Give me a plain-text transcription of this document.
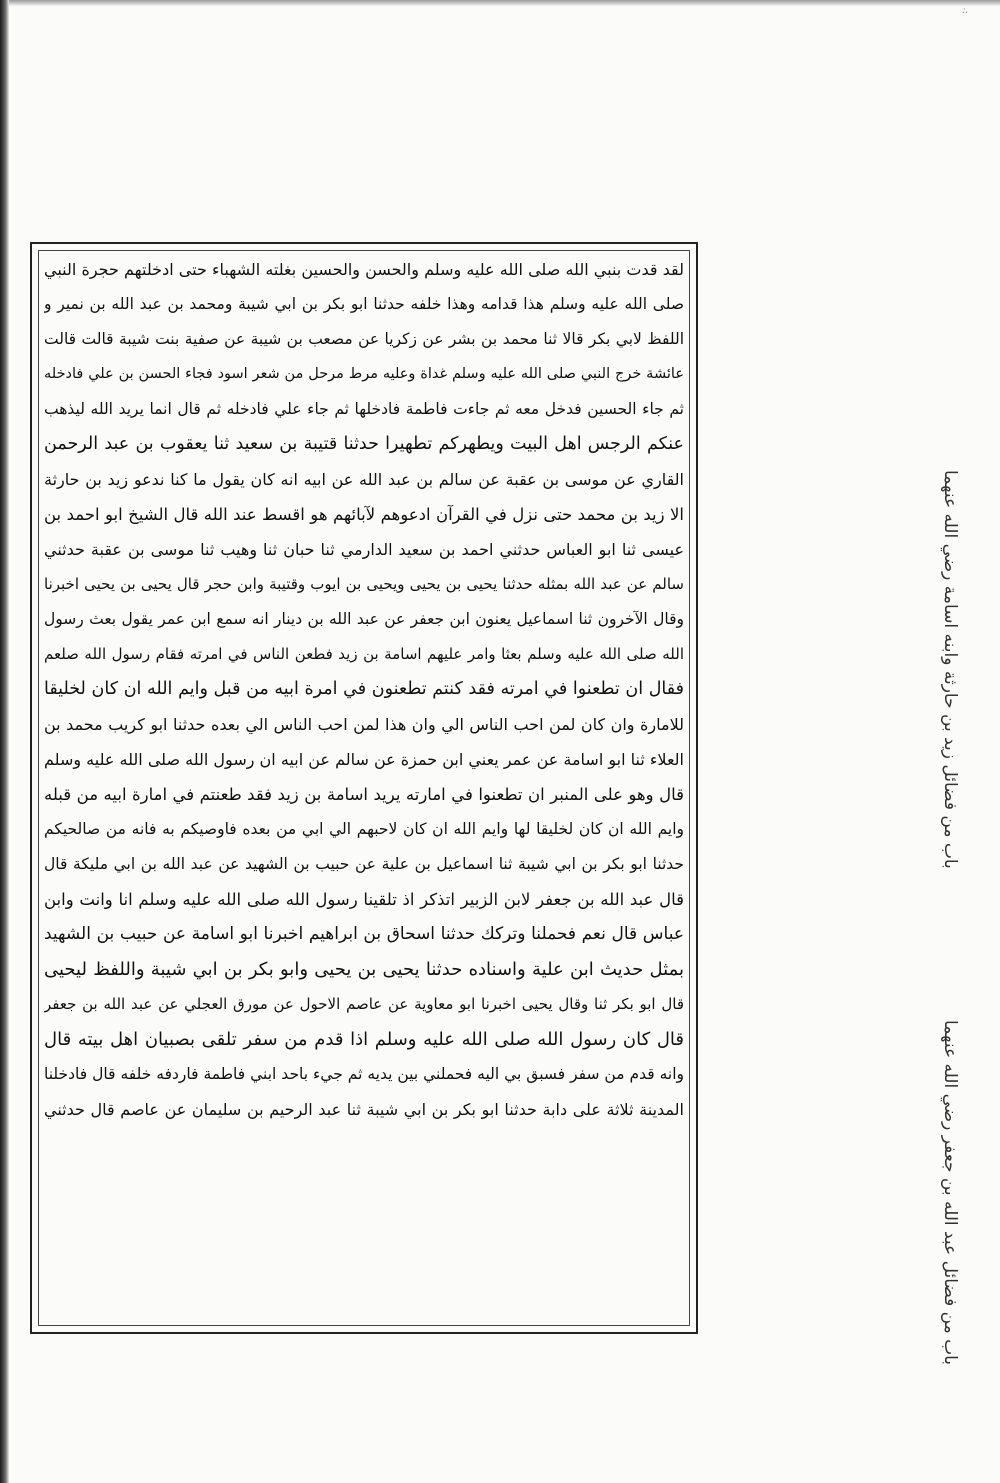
·͘·
لقد قدت بنبي الله صلى الله عليه وسلم والحسن والحسين بغلته الشهباء حتى ادخلتهم حجرة النبي
صلى الله عليه وسلم هذا قدامه وهذا خلفه حدثنا ابو بكر بن ابي شيبة ومحمد بن عبد الله بن نمير و
اللفظ لابي بكر قالا ثنا محمد بن بشر عن زكريا عن مصعب بن شيبة عن صفية بنت شيبة قالت قالت
عائشة خرج النبي صلى الله عليه وسلم غداة وعليه مرط مرحل من شعر اسود فجاء الحسن بن علي فادخله
ثم جاء الحسين فدخل معه ثم جاءت فاطمة فادخلها ثم جاء علي فادخله ثم قال انما يريد الله ليذهب
عنكم الرجس اهل البيت ويطهركم تطهيرا حدثنا قتيبة بن سعيد ثنا يعقوب بن عبد الرحمن
القاري عن موسى بن عقبة عن سالم بن عبد الله عن ابيه انه كان يقول ما كنا ندعو زيد بن حارثة
الا زيد بن محمد حتى نزل في القرآن ادعوهم لآبائهم هو اقسط عند الله قال الشيخ ابو احمد بن
عيسى ثنا ابو العباس حدثني احمد بن سعيد الدارمي ثنا حبان ثنا وهيب ثنا موسى بن عقبة حدثني
سالم عن عبد الله بمثله حدثنا يحيى بن يحيى ويحيى بن ايوب وقتيبة وابن حجر قال يحيى بن يحيى اخبرنا
وقال الآخرون ثنا اسماعيل يعنون ابن جعفر عن عبد الله بن دينار انه سمع ابن عمر يقول بعث رسول
الله صلى الله عليه وسلم بعثا وامر عليهم اسامة بن زيد فطعن الناس في امرته فقام رسول الله صلعم
فقال ان تطعنوا في امرته فقد كنتم تطعنون في امرة ابيه من قبل وايم الله ان كان لخليقا
للامارة وان كان لمن احب الناس الي وان هذا لمن احب الناس الي بعده حدثنا ابو كريب محمد بن
العلاء ثنا ابو اسامة عن عمر يعني ابن حمزة عن سالم عن ابيه ان رسول الله صلى الله عليه وسلم
قال وهو على المنبر ان تطعنوا في امارته يريد اسامة بن زيد فقد طعنتم في امارة ابيه من قبله
وايم الله ان كان لخليقا لها وايم الله ان كان لاحبهم الي ابي من بعده فاوصيكم به فانه من صالحيكم
حدثنا ابو بكر بن ابي شيبة ثنا اسماعيل بن علية عن حبيب بن الشهيد عن عبد الله بن ابي مليكة قال
قال عبد الله بن جعفر لابن الزبير اتذكر اذ تلقينا رسول الله صلى الله عليه وسلم انا وانت وابن
عباس قال نعم فحملنا وتركك حدثنا اسحاق بن ابراهيم اخبرنا ابو اسامة عن حبيب بن الشهيد
بمثل حديث ابن علية واسناده حدثنا يحيى بن يحيى وابو بكر بن ابي شيبة واللفظ ليحيى
قال ابو بكر ثنا وقال يحيى اخبرنا ابو معاوية عن عاصم الاحول عن مورق العجلي عن عبد الله بن جعفر
قال كان رسول الله صلى الله عليه وسلم اذا قدم من سفر تلقى بصبيان اهل بيته قال
وانه قدم من سفر فسبق بي اليه فحملني بين يديه ثم جيء باحد ابني فاطمة فاردفه خلفه قال فادخلنا
المدينة ثلاثة على دابة حدثنا ابو بكر بن ابي شيبة ثنا عبد الرحيم بن سليمان عن عاصم قال حدثني
باب من فضائل زيد بن حارثة وابنه اسامة رضي الله عنهما
باب من فضائل عبد الله بن جعفر رضي الله عنهما
